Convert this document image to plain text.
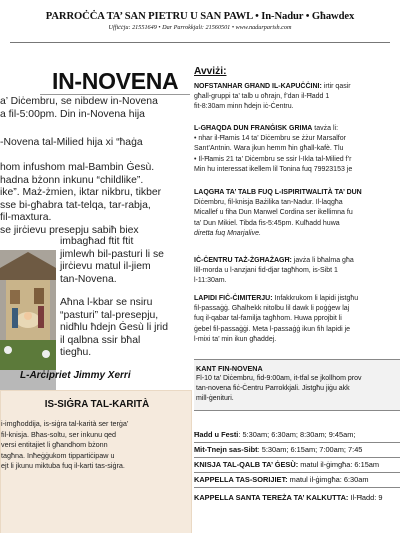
PARROĊĊA TA’ SAN PIETRU U SAN PAWL • In-Nadur • Għawdex
Uffiċċju: 21551649 • Dar Parrokkjali: 21560501 • www.nadurparish.com
IN-NOVENA
a’ Diċembru, se nibdew in-Novena
a fil-5:00pm. Din in-Novena hija
-Novena tal-Milied hija xi “ħaġa

hom infushom mal-Bambin Ġesù.
hadna bżonn inkunu “childlike”.
ike”. Maż-żmien, iktar nikbru, tikber
sse bi-għabra tat-telqa, tar-rabja,
fil-maxtura.
se jirċievu presepju sabiħ biex
imbagħad ftit ftit
jimlewh bil-pasturi li se
jirċievu matul il-jiem
tan-Novena.
Aħna l-kbar se nsiru
“pasturi” tal-presepju,
nidħlu ħdejn Ġesù li jrid
il qalbna ssir bħal
tiegħu.
L-Arċipriet Jimmy Xerri
IS-SIĠRA TAL-KARITÀ
i-imgħoddija, is-siġra tal-karità ser terġa’
fil-knisja. Bħas-soltu, ser inkunu qed
versi entitajiet li għandhom bżonn
tagħna. Inħeġġukom tippartiċipaw u
ejt li jkunu miktuba fuq il-karti tas-siġra.
Avviżi:
NOFSTANHAR GĦAND IL-KAPUĊĊINI: irtir qasir
għall-gruppi ta’ talb u oħrajn, f’dan il-Ħadd 1
fit-8:30am minn ħdejn iċ-Ċentru.
L-GĦAQDA DUN FRANĠISK GRIMA tavża li:
• nhar il-Ħamis 14 ta’ Diċembru se żżur Marsalfor
Sant’Antnin. Wara jkun hemm ħin għall-kafè. Tlu
• Il-Ħamis 21 ta’ Diċembru se ssir l-Ikla tal-Milied f’r
Min hu interessat ikellem lil Tonina fuq 79923153 je
LAQGĦA TA’ TALB FUQ L-ISPIRITWALITÀ TA’ DUN
Diċembru, fil-knisja Bażilika tan-Nadur. Il-laqgħa
Micallef u fiha Dun Manwel Cordina ser ikellimna fu
ta’ Dun Mikiel. Tibda fis-5:45pm. Kulħadd huwa
diretta fuq Mnarjalive.
IĊ-ĊENTRU TAŻ-ŻGĦAŻAGĦ: javża li bħalma għa
lill-morda u l-anzjani fid-djar tagħhom, is-Sibt 1
l-11:30am.
LAPIDI FIĊ-ĊIMITERJU: Infakkrukom li lapidi jistgħu
fil-passaġġ. Għalhekk nitolbu lil dawk li poġġew laj
fuq il-qabar tal-familja tagħhom. Huwa pprojbit li
ġebel fil-passaġġi. Meta l-passaġġ ikun fih lapidi je
l-mixi ta’ min ikun għaddej.
KANT FIN-NOVENA
Fl-10 ta’ Diċembru, fid-9:00am, it-tfal se jkollhom prov
tan-novena fiċ-Ċentru Parrokkjali. Jistgħu jiġu akk
mill-ġenituri.
Ħadd u Festi: 5:30am; 6:30am; 8:30am; 9:45am;
Mit-Tnejn sas-Sibt: 5:30am; 6:15am; 7:00am; 7:45
KNISJA TAL-QALB TA’ ĠESÙ: matul il-ġimgħa: 6:15am
KAPPELLA TAS-SORIJIET: matul il-ġimgħa: 6:30am
KAPPELLA SANTA TEREŻA TA’ KALKUTTA: Il-Ħadd: 9
